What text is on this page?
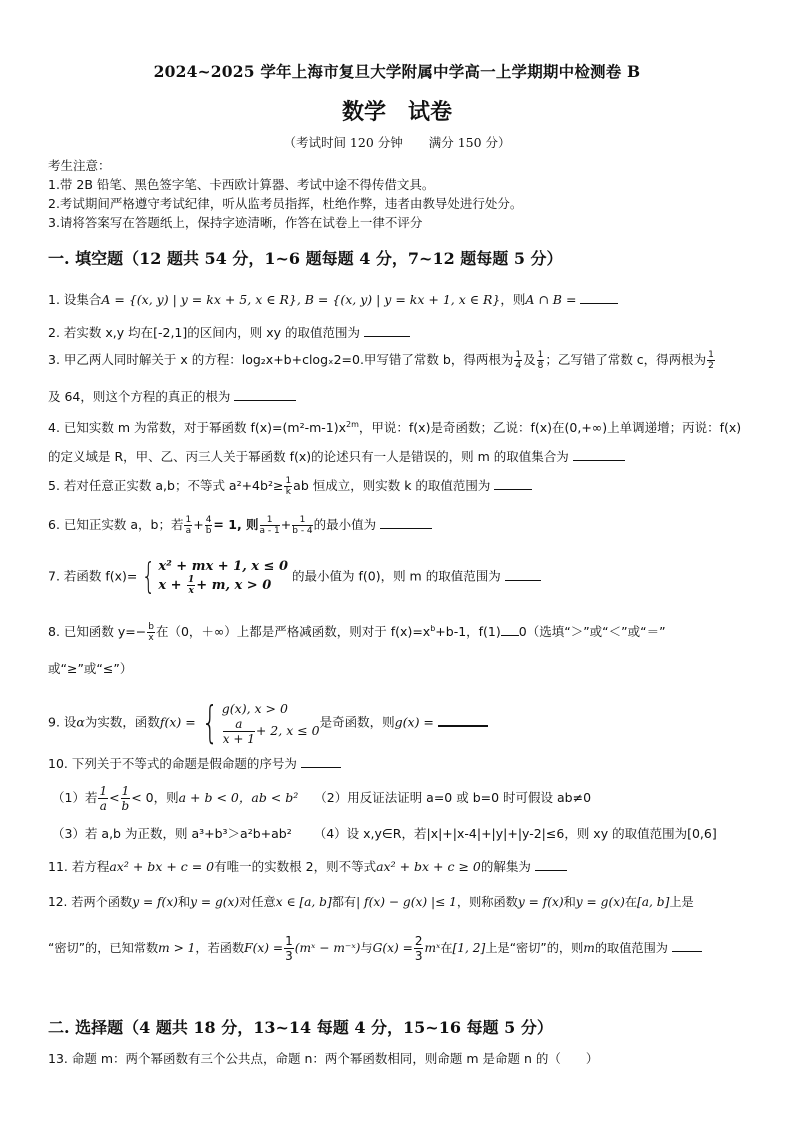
2024~2025 学年上海市复旦大学附属中学高一上学期期中检测卷 B
数学 试卷
（考试时间 120 分钟 满分 150 分）
考生注意：
1.带 2B 铅笔、黑色签字笔、卡西欧计算器、考试中途不得传借文具。
2.考试期间严格遵守考试纪律，听从监考员指挥，杜绝作弊，违者由教导处进行处分。
3.请将答案写在答题纸上，保持字迹清晰，作答在试卷上一律不评分
一. 填空题（12 题共 54 分，1~6 题每题 4 分，7~12 题每题 5 分）
1. 设集合A = {(x, y) | y = kx + 5, x ∈ R}, B = {(x, y) | y = kx + 1, x ∈ R}，则A ∩ B =
2. 若实数 x,y 均在[-2,1]的区间内，则 xy 的取值范围为
3. 甲乙两人同时解关于 x 的方程：log₂x+b+clogₓ2=0.甲写错了常数 b，得两根为 $\frac{1}{4}$ 及 $\frac{1}{8}$ ；乙写错了常数 c，得两根为 $\frac{1}{2}$
及 64，则这个方程的真正的根为
4. 已知实数 m 为常数，对于幂函数 $f(x)=(m^2-m-1)x^{2m}$，甲说：f(x)是奇函数；乙说：f(x)在(0,+∞)上单调递增；丙说：f(x)
的定义域是 R，甲、乙、丙三人关于幂函数 f(x)的论述只有一人是错误的，则 m 的取值集合为
5. 若对任意正实数 a,b；不等式 $a^2+4b^2\ge \frac{1}{k}$ ab 恒成立，则实数 k 的取值范围为
6. 已知正实数 a，b；若 $\frac{1}{a} + \frac{4}{b} = 1$, 则 $\frac{1}{a - 1} + \frac{1}{b - 4}$ 的最小值为
7. 若函数 f(x)= { x² + mx + 1, x ≤ 0
$x + \frac{1}{x} + m$, x > 0
的最小值为 f(0)，则 m 的取值范围为
8. 已知函数 $y=- \frac{b}{x}$ 在（0，＋∞）上都是严格减函数，则对于 $f(x)=x^b+b-1$，f(1) 0（选填“＞”或“＜”或“＝”
或“≥”或“≤”）
9. 设α为实数，函数f(x) = { g(x), x > 0
$\frac{a}{x + 1} + 2$, x ≤ 0
是奇函数，则g(x) =
10. 下列关于不等式的命题是假命题的序号为
（1）若 $\frac{1}{a} < \frac{1}{b} < 0$，则a + b < 0，ab < b² （2）用反证法证明 a=0 或 b=0 时可假设 ab≠0
（3）若 a,b 为正数，则 a³+b³＞a²b+ab² （4）设 x,y∈R，若|x|+|x-4|+|y|+|y-2|≤6，则 xy 的取值范围为[0,6]
11. 若方程ax² + bx + c = 0有唯一的实数根 2，则不等式ax² + bx + c ≥ 0的解集为
12. 若两个函数y = f(x)和y = g(x)对任意x ∈ [a, b]都有| f(x) − g(x) |≤ 1，则称函数y = f(x)和y = g(x)在[a, b]上是
“密切”的，已知常数m > 1，若函数$F(x) = \frac{1}{3}$ (mˣ − m⁻ˣ)与$G(x) = \frac{2}{3}$ mˣ在[1, 2]上是“密切”的，则m的取值范围为
二. 选择题（4 题共 18 分，13~14 每题 4 分，15~16 每题 5 分）
13. 命题 m：两个幂函数有三个公共点，命题 n：两个幂函数相同，则命题 m 是命题 n 的（　　）
